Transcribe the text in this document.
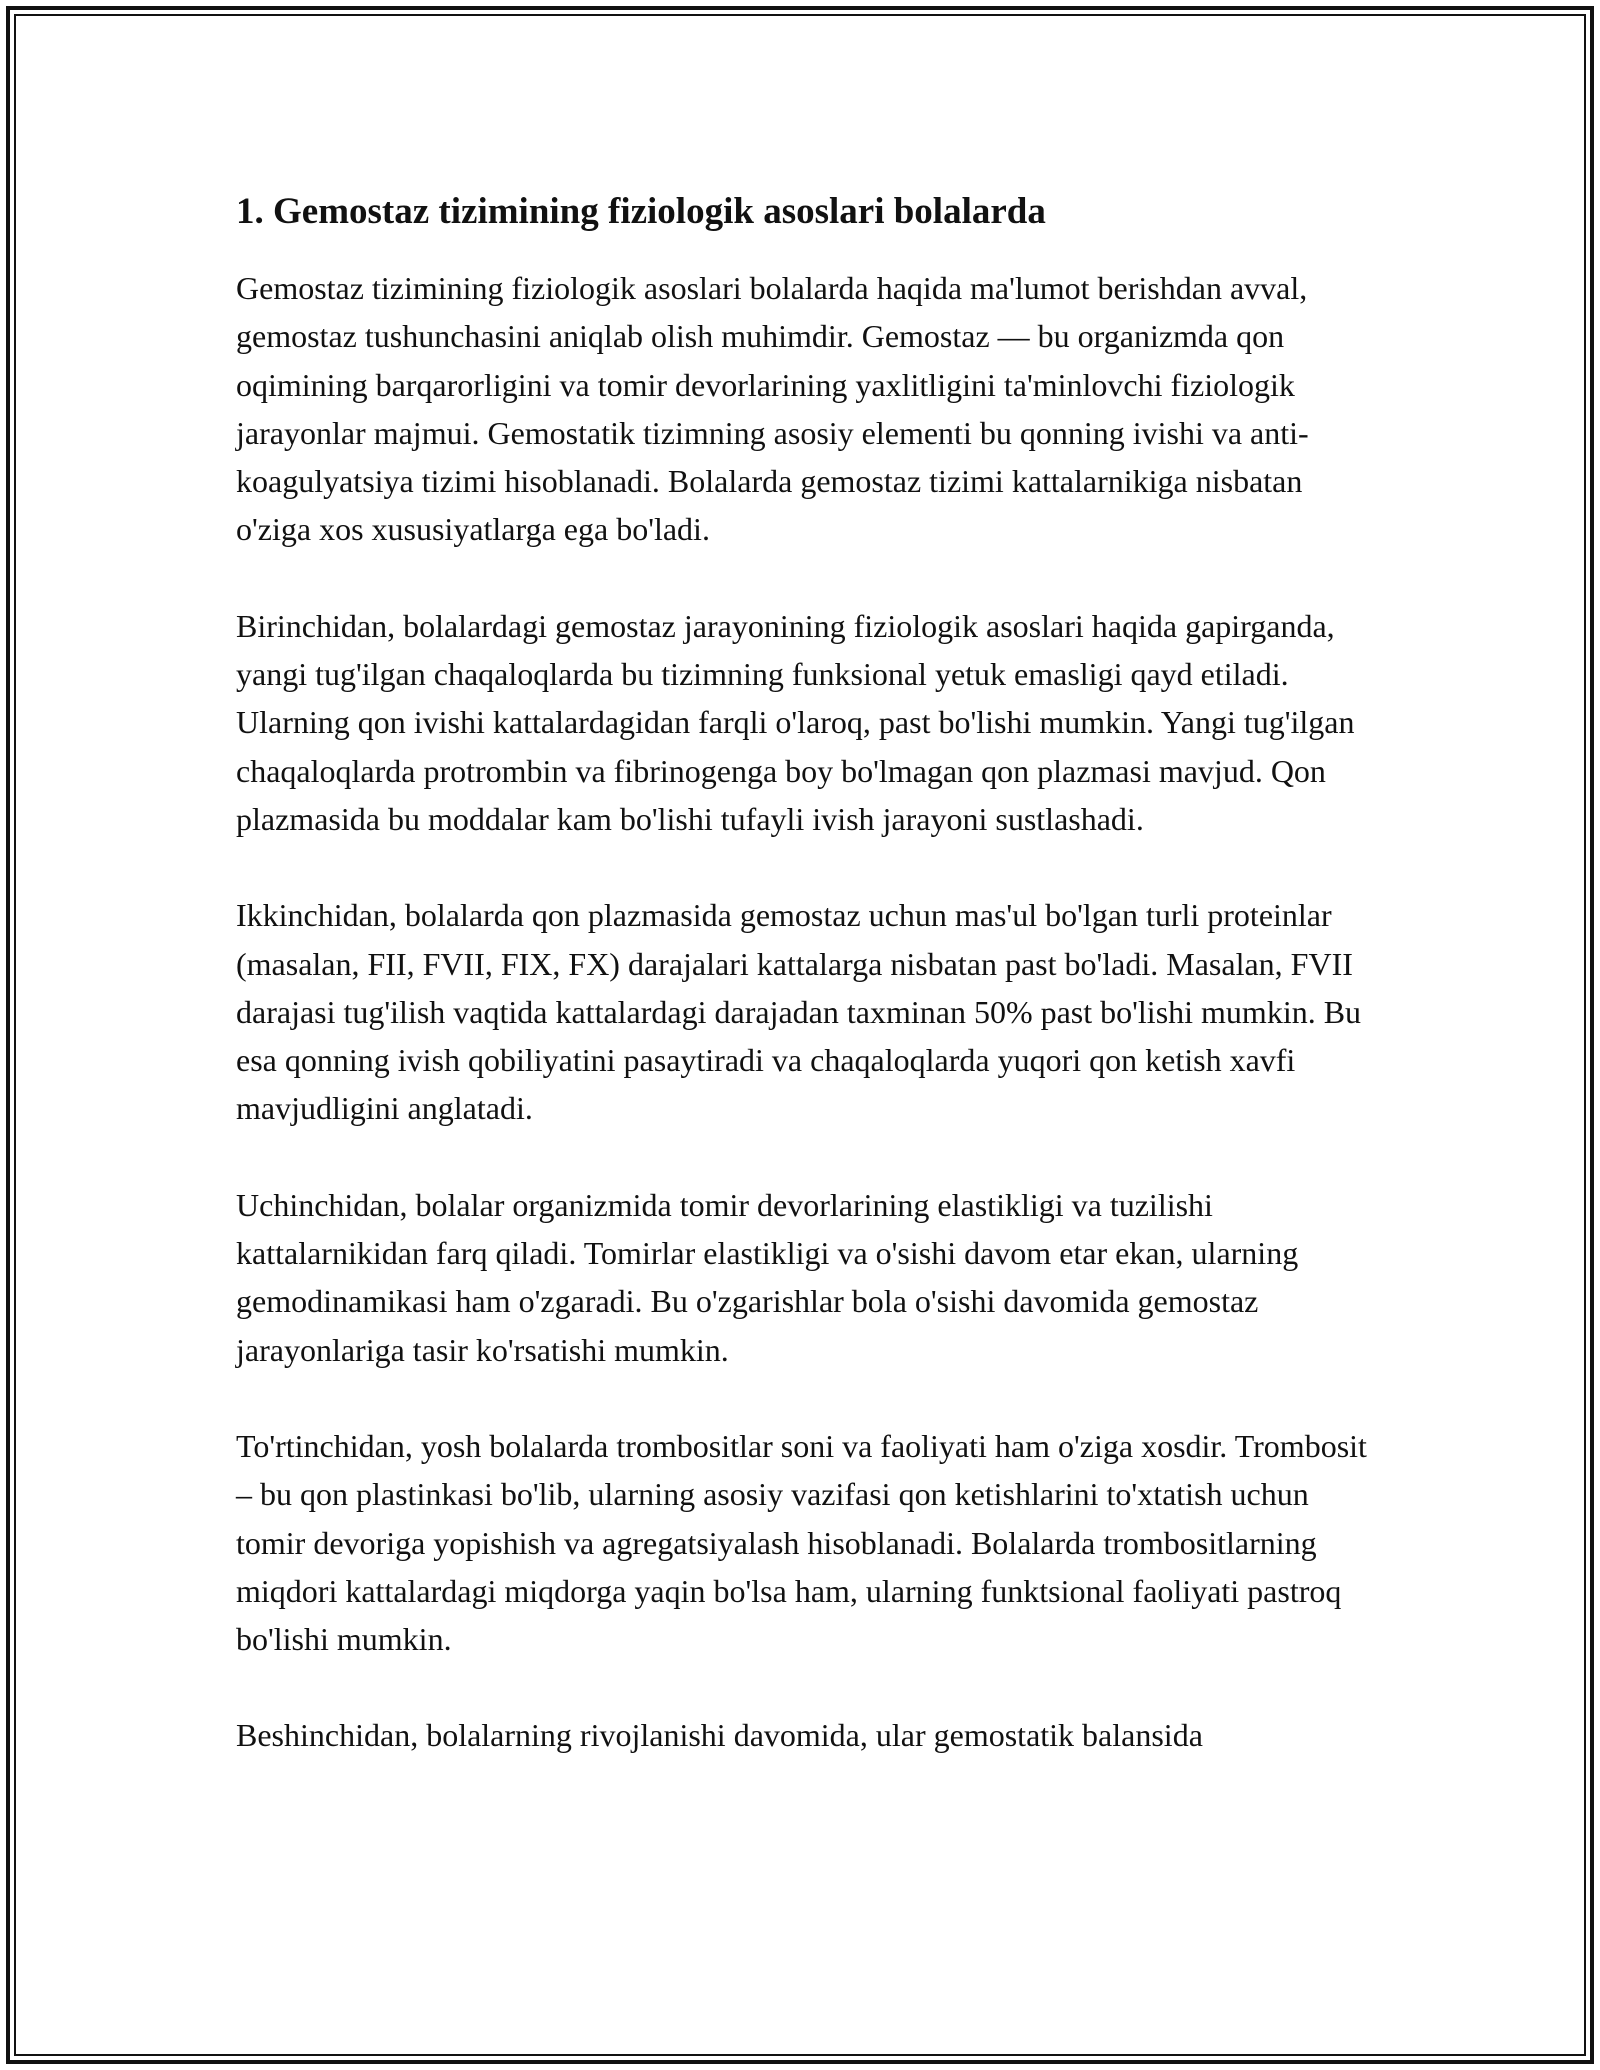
1. Gemostaz tizimining fiziologik asoslari bolalarda

Gemostaz tizimining fiziologik asoslari bolalarda haqida ma'lumot berishdan avval, gemostaz tushunchasini aniqlab olish muhimdir. Gemostaz — bu organizmda qon oqimining barqarorligini va tomir devorlarining yaxlitligini ta'minlovchi fiziologik jarayonlar majmui. Gemostatik tizimning asosiy elementi bu qonning ivishi va anti-koagulyatsiya tizimi hisoblanadi. Bolalarda gemostaz tizimi kattalarnikiga nisbatan o'ziga xos xususiyatlarga ega bo'ladi.

Birinchidan, bolalardagi gemostaz jarayonining fiziologik asoslari haqida gapirganda, yangi tug'ilgan chaqaloqlarda bu tizimning funksional yetuk emasligi qayd etiladi. Ularning qon ivishi kattalardagidan farqli o'laroq, past bo'lishi mumkin. Yangi tug'ilgan chaqaloqlarda protrombin va fibrinogenga boy bo'lmagan qon plazmasi mavjud. Qon plazmasida bu moddalar kam bo'lishi tufayli ivish jarayoni sustlashadi.

Ikkinchidan, bolalarda qon plazmasida gemostaz uchun mas'ul bo'lgan turli proteinlar (masalan, FII, FVII, FIX, FX) darajalari kattalarga nisbatan past bo'ladi. Masalan, FVII darajasi tug'ilish vaqtida kattalardagi darajadan taxminan 50% past bo'lishi mumkin. Bu esa qonning ivish qobiliyatini pasaytiradi va chaqaloqlarda yuqori qon ketish xavfi mavjudligini anglatadi.

Uchinchidan, bolalar organizmida tomir devorlarining elastikligi va tuzilishi kattalarnikidan farq qiladi. Tomirlar elastikligi va o'sishi davom etar ekan, ularning gemodinamikasi ham o'zgaradi. Bu o'zgarishlar bola o'sishi davomida gemostaz jarayonlariga tasir ko'rsatishi mumkin.

To'rtinchidan, yosh bolalarda trombositlar soni va faoliyati ham o'ziga xosdir. Trombosit – bu qon plastinkasi bo'lib, ularning asosiy vazifasi qon ketishlarini to'xtatish uchun tomir devoriga yopishish va agregatsiyalash hisoblanadi. Bolalarda trombositlarning miqdori kattalardagi miqdorga yaqin bo'lsa ham, ularning funktsional faoliyati pastroq bo'lishi mumkin.

Beshinchidan, bolalarning rivojlanishi davomida, ular gemostatik balansida
